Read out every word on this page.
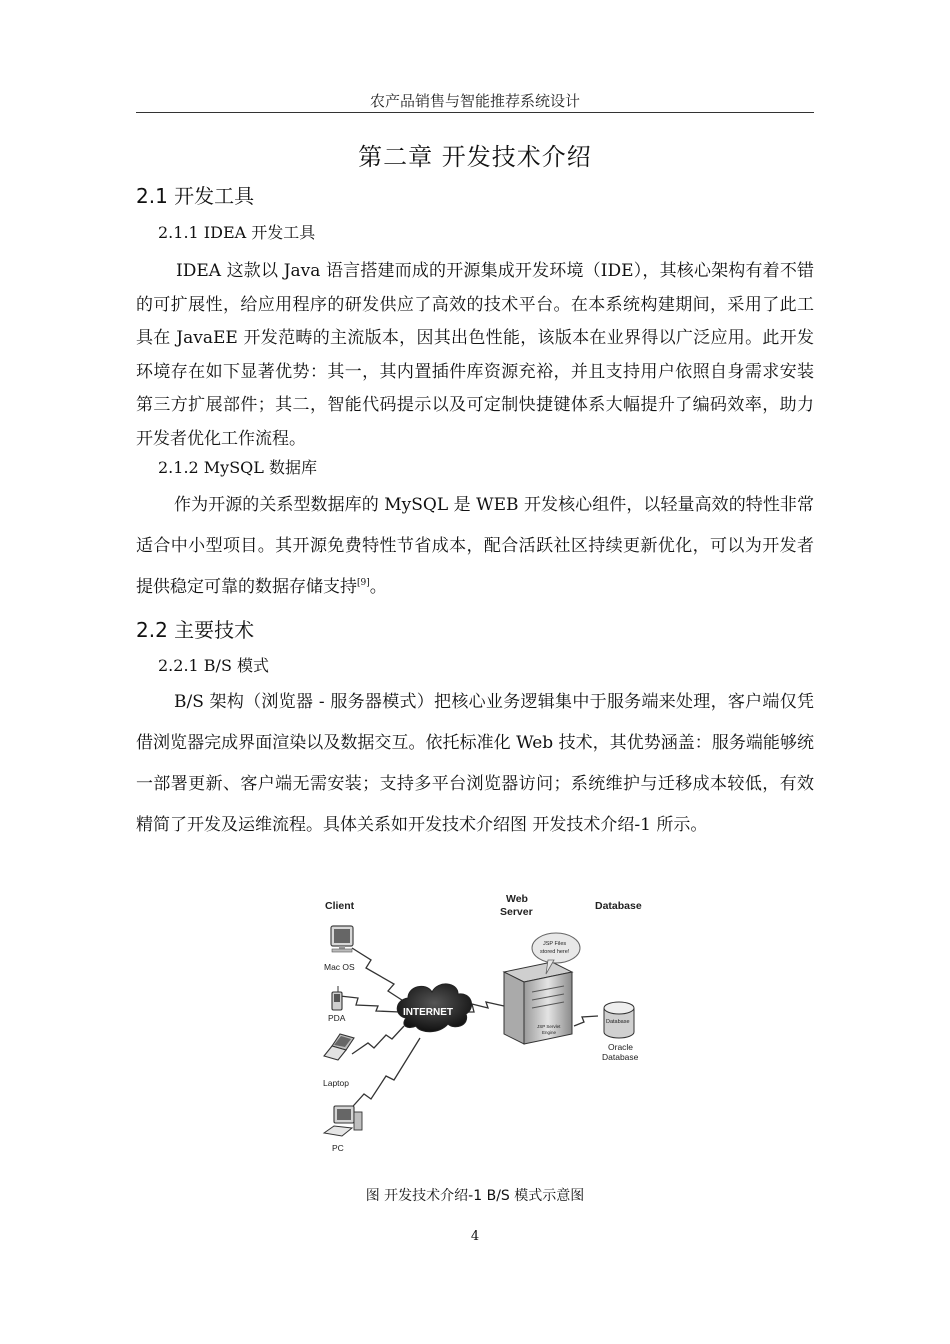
农产品销售与智能推荐系统设计
第二章 开发技术介绍
2.1 开发工具
2.1.1 IDEA 开发工具
IDEA 这款以 Java 语言搭建而成的开源集成开发环境（IDE），其核心架构有着不错的可扩展性，给应用程序的研发供应了高效的技术平台。在本系统构建期间，采用了此工具在 JavaEE 开发范畴的主流版本，因其出色性能，该版本在业界得以广泛应用。此开发环境存在如下显著优势：其一，其内置插件库资源充裕，并且支持用户依照自身需求安装第三方扩展部件；其二，智能代码提示以及可定制快捷键体系大幅提升了编码效率，助力开发者优化工作流程。
2.1.2 MySQL 数据库
作为开源的关系型数据库的 MySQL 是 WEB 开发核心组件，以轻量高效的特性非常适合中小型项目。其开源免费特性节省成本，配合活跃社区持续更新优化，可以为开发者提供稳定可靠的数据存储支持[9]。
2.2 主要技术
2.2.1 B/S 模式
B/S 架构（浏览器 - 服务器模式）把核心业务逻辑集中于服务端来处理，客户端仅凭借浏览器完成界面渲染以及数据交互。依托标准化 Web 技术，其优势涵盖：服务端能够统一部署更新、客户端无需安装；支持多平台浏览器访问；系统维护与迁移成本较低，有效精简了开发及运维流程。具体关系如开发技术介绍图 开发技术介绍-1 所示。
Client
Web
Server	Database
Mac OS
PDA
Laptop
PC
INTERNET
JSP Servlet
Engine
JSP Files
stored here!
Database
Oracle
Database
图 开发技术介绍-1 B/S 模式示意图
4
